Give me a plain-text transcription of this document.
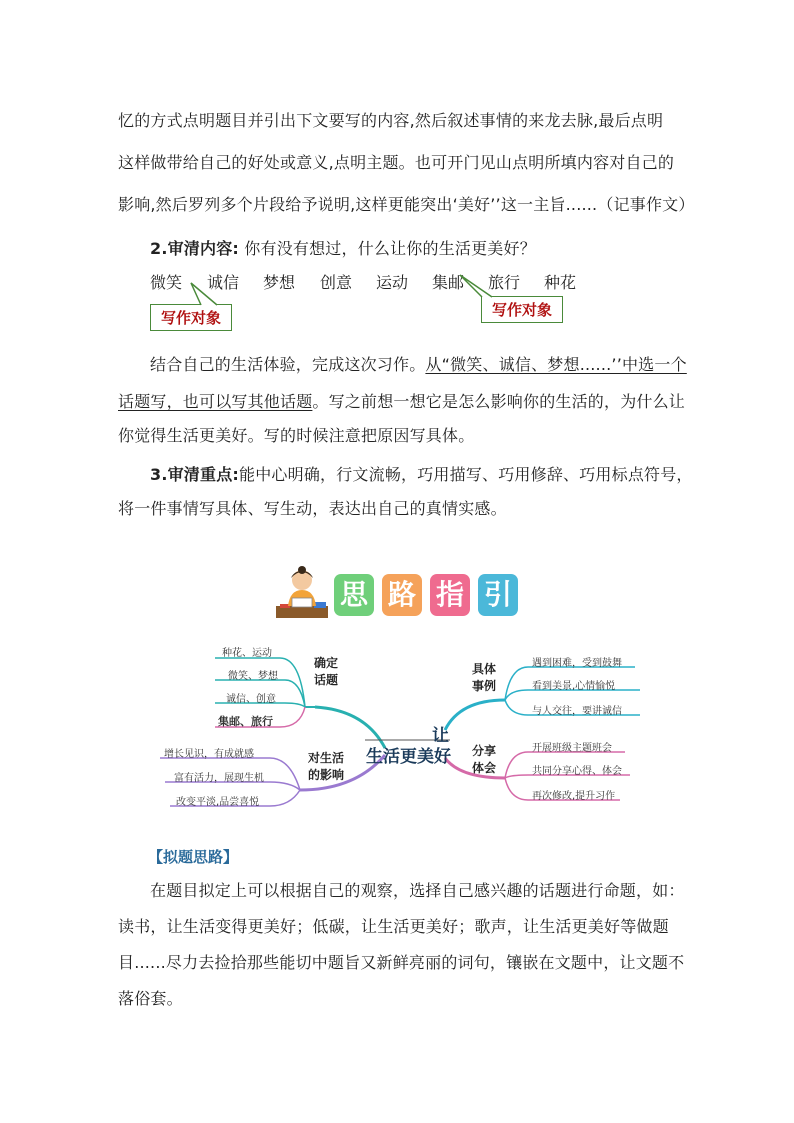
忆的方式点明题目并引出下文要写的内容,然后叙述事情的来龙去脉,最后点明
这样做带给自己的好处或意义,点明主题。也可开门见山点明所填内容对自己的
影响,然后罗列多个片段给予说明,这样更能突出‘美好’’这一主旨......（记事作文）
2.审清内容: 你有没有想过，什么让你的生活更美好？
微笑 诚信 梦想 创意 运动 集邮 旅行 种花
写作对象	写作对象
结合自己的生活体验，完成这次习作。从“微笑、诚信、梦想......’’中选一个
话题写，也可以写其他话题。写之前想一想它是怎么影响你的生活的，为什么让
你觉得生活更美好。写的时候注意把原因写具体。
3.审清重点:能中心明确，行文流畅，巧用描写、巧用修辞、巧用标点符号，
将一件事情写具体、写生动，表达出自己的真情实感。
思 路 指 引
种花、运动
微笑、梦想
诚信、创意
集邮、旅行
确定
话题
增长见识，有成就感
富有活力，展现生机
改变平淡,品尝喜悦
对生活
的影响
遇到困难，受到鼓舞
看到美景,心情愉悦
与人交往，要讲诚信
具体
事例
开展班级主题班会
共同分享心得、体会
再次修改,提升习作
分享
体会
让
生活更美好
【拟题思路】
在题目拟定上可以根据自己的观察，选择自己感兴趣的话题进行命题，如：
读书，让生活变得更美好；低碳，让生活更美好；歌声，让生活更美好等做题
目......尽力去捡拾那些能切中题旨又新鲜亮丽的词句，镶嵌在文题中，让文题不
落俗套。
